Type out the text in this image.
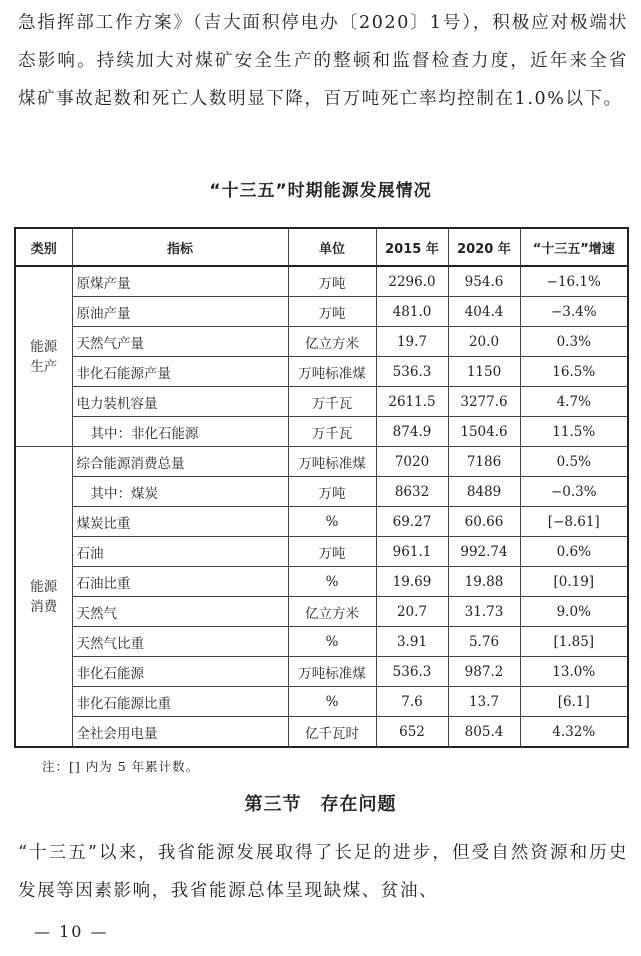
急指挥部工作方案》（吉大面积停电办〔2020〕1号），积极应对极端状态影响。持续加大对煤矿安全生产的整顿和监督检查力度，近年来全省煤矿事故起数和死亡人数明显下降，百万吨死亡率均控制在1.0%以下。

“十三五”时期能源发展情况
类别	指标	单位	2015 年	2020 年	“十三五”增速

能源
生产	原煤产量	万吨	2296.0	954.6	−16.1%
	原油产量	万吨	481.0	404.4	−3.4%
	天然气产量	亿立方米	19.7	20.0	0.3%
	非化石能源产量	万吨标准煤	536.3	1150	16.5%
	电力装机容量	万千瓦	2611.5	3277.6	4.7%
	其中：非化石能源	万千瓦	874.9	1504.6	11.5%

能源
消费	综合能源消费总量	万吨标准煤	7020	7186	0.5%
	其中：煤炭	万吨	8632	8489	−0.3%
	煤炭比重	%	69.27	60.66	[−8.61]
	石油	万吨	961.1	992.74	0.6%
	石油比重	%	19.69	19.88	[0.19]
	天然气	亿立方米	20.7	31.73	9.0%
	天然气比重	%	3.91	5.76	[1.85]
	非化石能源	万吨标准煤	536.3	987.2	13.0%
	非化石能源比重	%	7.6	13.7	[6.1]
	全社会用电量	亿千瓦时	652	805.4	4.32%
注：[] 内为 5 年累计数。
第三节　存在问题

“十三五”以来，我省能源发展取得了长足的进步，但受自然资源和历史发展等因素影响，我省能源总体呈现缺煤、贫油、

— 10 —
